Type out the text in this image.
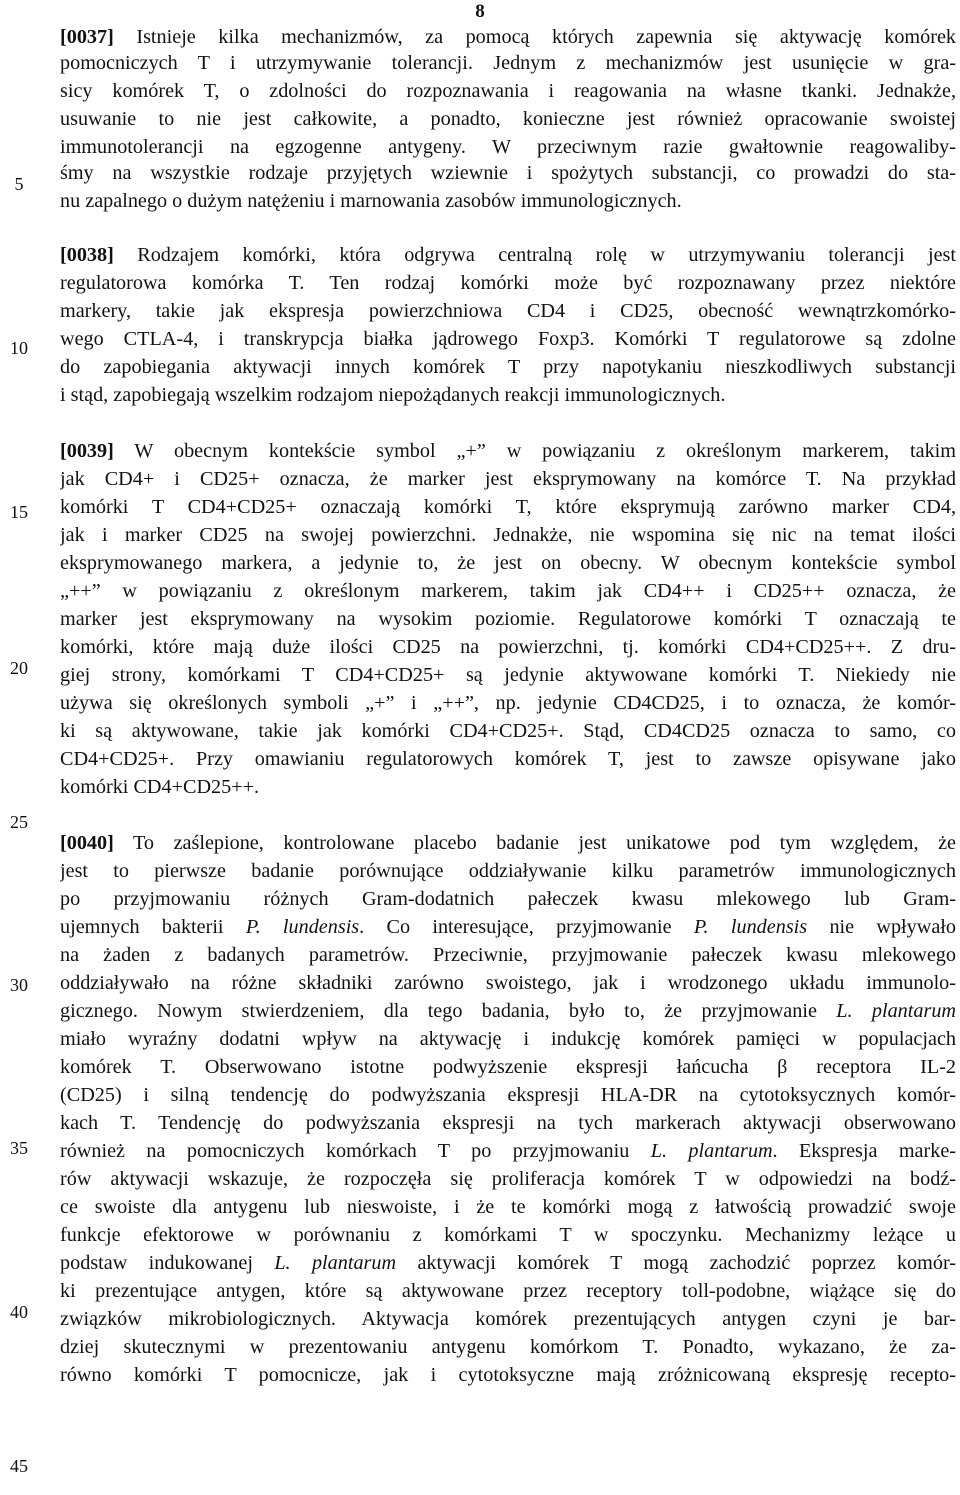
8
5
10
15
20
25
30
35
40
45
[0037] Istnieje kilka mechanizmów, za pomocą których zapewnia się aktywację komórek
pomocniczych T i utrzymywanie tolerancji. Jednym z mechanizmów jest usunięcie w gra-
sicy komórek T, o zdolności do rozpoznawania i reagowania na własne tkanki. Jednakże,
usuwanie to nie jest całkowite, a ponadto, konieczne jest również opracowanie swoistej
immunotolerancji na egzogenne antygeny. W przeciwnym razie gwałtownie reagowaliby-
śmy na wszystkie rodzaje przyjętych wziewnie i spożytych substancji, co prowadzi do sta-
nu zapalnego o dużym natężeniu i marnowania zasobów immunologicznych.
[0038] Rodzajem komórki, która odgrywa centralną rolę w utrzymywaniu tolerancji jest
regulatorowa komórka T. Ten rodzaj komórki może być rozpoznawany przez niektóre
markery, takie jak ekspresja powierzchniowa CD4 i CD25, obecność wewnątrzkomórko-
wego CTLA-4, i transkrypcja białka jądrowego Foxp3. Komórki T regulatorowe są zdolne
do zapobiegania aktywacji innych komórek T przy napotykaniu nieszkodliwych substancji
i stąd, zapobiegają wszelkim rodzajom niepożądanych reakcji immunologicznych.
[0039] W obecnym kontekście symbol „+” w powiązaniu z określonym markerem, takim
jak CD4+ i CD25+ oznacza, że marker jest eksprymowany na komórce T. Na przykład
komórki T CD4+CD25+ oznaczają komórki T, które eksprymują zarówno marker CD4,
jak i marker CD25 na swojej powierzchni. Jednakże, nie wspomina się nic na temat ilości
eksprymowanego markera, a jedynie to, że jest on obecny. W obecnym kontekście symbol
„++” w powiązaniu z określonym markerem, takim jak CD4++ i CD25++ oznacza, że
marker jest eksprymowany na wysokim poziomie. Regulatorowe komórki T oznaczają te
komórki, które mają duże ilości CD25 na powierzchni, tj. komórki CD4+CD25++. Z dru-
giej strony, komórkami T CD4+CD25+ są jedynie aktywowane komórki T. Niekiedy nie
używa się określonych symboli „+” i „++”, np. jedynie CD4CD25, i to oznacza, że komór-
ki są aktywowane, takie jak komórki CD4+CD25+. Stąd, CD4CD25 oznacza to samo, co
CD4+CD25+. Przy omawianiu regulatorowych komórek T, jest to zawsze opisywane jako
komórki CD4+CD25++.
[0040] To zaślepione, kontrolowane placebo badanie jest unikatowe pod tym względem, że
jest to pierwsze badanie porównujące oddziaływanie kilku parametrów immunologicznych
po przyjmowaniu różnych Gram-dodatnich pałeczek kwasu mlekowego lub Gram-
ujemnych bakterii P. lundensis. Co interesujące, przyjmowanie P. lundensis nie wpływało
na żaden z badanych parametrów. Przeciwnie, przyjmowanie pałeczek kwasu mlekowego
oddziaływało na różne składniki zarówno swoistego, jak i wrodzonego układu immunolo-
gicznego. Nowym stwierdzeniem, dla tego badania, było to, że przyjmowanie L. plantarum
miało wyraźny dodatni wpływ na aktywację i indukcję komórek pamięci w populacjach
komórek T. Obserwowano istotne podwyższenie ekspresji łańcucha β receptora IL-2
(CD25) i silną tendencję do podwyższania ekspresji HLA-DR na cytotoksycznych komór-
kach T. Tendencję do podwyższania ekspresji na tych markerach aktywacji obserwowano
również na pomocniczych komórkach T po przyjmowaniu L. plantarum. Ekspresja marke-
rów aktywacji wskazuje, że rozpoczęła się proliferacja komórek T w odpowiedzi na bodź-
ce swoiste dla antygenu lub nieswoiste, i że te komórki mogą z łatwością prowadzić swoje
funkcje efektorowe w porównaniu z komórkami T w spoczynku. Mechanizmy leżące u
podstaw indukowanej L. plantarum aktywacji komórek T mogą zachodzić poprzez komór-
ki prezentujące antygen, które są aktywowane przez receptory toll-podobne, wiążące się do
związków mikrobiologicznych. Aktywacja komórek prezentujących antygen czyni je bar-
dziej skutecznymi w prezentowaniu antygenu komórkom T. Ponadto, wykazano, że za-
równo komórki T pomocnicze, jak i cytotoksyczne mają zróżnicowaną ekspresję recepto-
